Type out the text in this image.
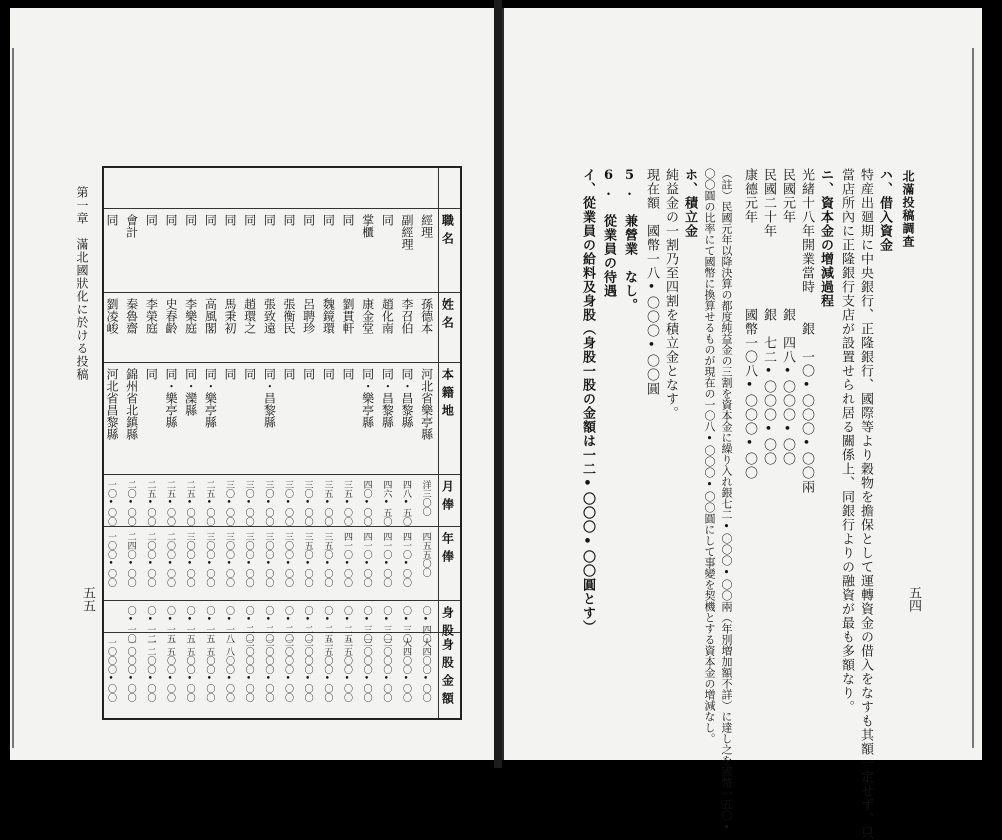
第一章　滿北國狀化に於ける投稿
五五
職名
姓名
本籍地
月俸
年俸
身股
身股金額
經理
孫德本
河北省樂亭縣
洋三〇〇
四五五〇〇
〇•四〇
大四〇〇•〇〇
副經理
李召伯
同・昌黎縣
四八•五〇
四一〇•〇〇
〇•三〇
大四〇〇•〇〇
同
趙化南
同・昌黎縣
四六•五〇
四一〇•〇〇
〇•三〇
三〇〇〇•〇〇
掌櫃
康金堂
同・樂亭縣
四〇•〇〇
四一〇•〇〇
〇•三〇
三〇〇〇•〇〇
同
劉貫軒
同
三五•〇〇
四一〇•〇〇
〇•二五
二五〇〇•〇〇
同
魏鏡環
同
三五•〇〇
三五〇•〇〇
〇•二五
二五〇〇•〇〇
同
呂聘珍
同
三〇•〇〇
三五〇•〇〇
〇•二〇
二〇〇〇•〇〇
同
張衡民
同
三〇•〇〇
三〇〇•〇〇
〇•二〇
二〇〇〇•〇〇
同
張致遠
同・昌黎縣
三〇•〇〇
三〇〇•〇〇
〇•二〇
二〇〇〇•〇〇
同
趙環之
同
三〇•〇〇
三〇〇•〇〇
〇•二〇
二〇〇〇•〇〇
同
馬秉初
同
三〇•〇〇
三〇〇•〇〇
〇•一八
一八〇〇•〇〇
同
高風閣
同・樂亭縣
二五•〇〇
三〇〇•〇〇
〇•一五
一五〇〇•〇〇
同
李樂庭
同・灤縣
二五•〇〇
三〇〇•〇〇
〇•一五
一五〇〇•〇〇
同
史春齡
同・樂亭縣
二五•〇〇
二〇〇•〇〇
〇•一五
一五〇〇•〇〇
同
李榮庭
同
二五•〇〇
二〇〇•〇〇
〇•一二
一二〇〇•〇〇
會計
秦魯齋
錦州省北鎮縣
二〇•〇〇
二四〇•〇〇
〇•一〇
一〇〇〇•〇〇
同
劉凌峻
河北省昌黎縣
一〇•〇〇
一〇〇•〇〇
一〇〇〇•〇〇
北滿投稿調査
五四
ハ、借入資金
特産出廻期に中央銀行、正隆銀行、國際等より穀物を擔保として運轉資金の借入をなすも其額一定せず、只
當店所內に正隆銀行支店が設置せられ居る關係上、同銀行よりの融資が最も多額なり。
ニ、資本金の增減過程
光緒十八年開業當時　　銀　一〇•〇〇〇•〇〇兩
民國元年　　　　　　銀　四八•〇〇〇•〇〇
民國二十年　　　　　銀　七二•〇〇〇•〇〇
康德元年　　　　　　國幣一〇八•〇〇〇•〇〇
（註）民國元年以降決算の都度純益金の三割を資本金に繰り入れ銀七二•〇〇〇•〇〇兩（年別増加額不詳）に達し之を國幣一五〇•
〇〇圓の比率にて國幣に換算せるものが現在の一〇八•〇〇〇•〇〇圓にして事變を契機とする資本金の增減なし。
ホ、積立金
純益金の一割乃至四割を積立金となす。
現在額　國幣一八•〇〇〇•〇〇圓
5.　兼營業　なし。
6.　從業員の待遇
イ、從業員の給料及身股（身股一股の金額は一二•〇〇〇•〇〇圓とす）
